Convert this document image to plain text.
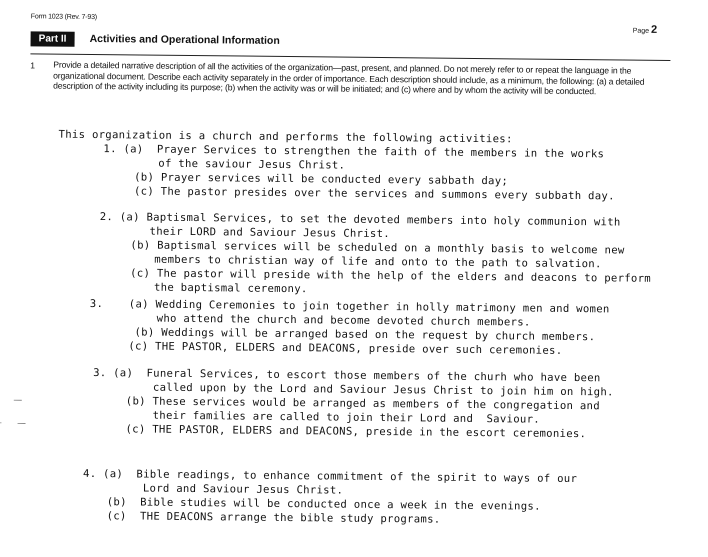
Form 1023 (Rev. 7-93)
Page 2
Part II	Activities and Operational Information
1 Provide a detailed narrative description of all the activities of the organization—past, present, and planned. Do not merely refer to or repeat the language in the organizational document. Describe each activity separately in the order of importance. Each description should include, as a minimum, the following: (a) a detailed description of the activity including its purpose; (b) when the activity was or will be initiated; and (c) where and by whom the activity will be conducted.
This organization is a church and performs the following activities:
1. (a)  Prayer Services to strengthen the faith of the members in the works
of the saviour Jesus Christ.
(b) Prayer services will be conducted every sabbath day;
(c) The pastor presides over the services and summons every subbath day.
2. (a) Baptismal Services, to set the devoted members into holy communion with
their LORD and Saviour Jesus Christ.
(b) Baptismal services will be scheduled on a monthly basis to welcome new
members to christian way of life and onto to the path to salvation.
(c) The pastor will preside with the help of the elders and deacons to perform
the baptismal ceremony.
3. (a) Wedding Ceremonies to join together in holly matrimony men and women
who attend the church and become devoted church members.
(b) Weddings will be arranged based on the request by church members.
(c) THE PASTOR, ELDERS and DEACONS, preside over such ceremonies.
3. (a)  Funeral Services, to escort those members of the churh who have been
called upon by the Lord and Saviour Jesus Christ to join him on high.
(b) These services would be arranged as members of the congregation and
their families are called to join their Lord and  Saviour.
(c) THE PASTOR, ELDERS and DEACONS, preside in the escort ceremonies.
4. (a)  Bible readings, to enhance commitment of the spirit to ways of our
Lord and Saviour Jesus Christ.
(b)  Bible studies will be conducted once a week in the evenings.
(c)  THE DEACONS arrange the bible study programs.
—
· —
